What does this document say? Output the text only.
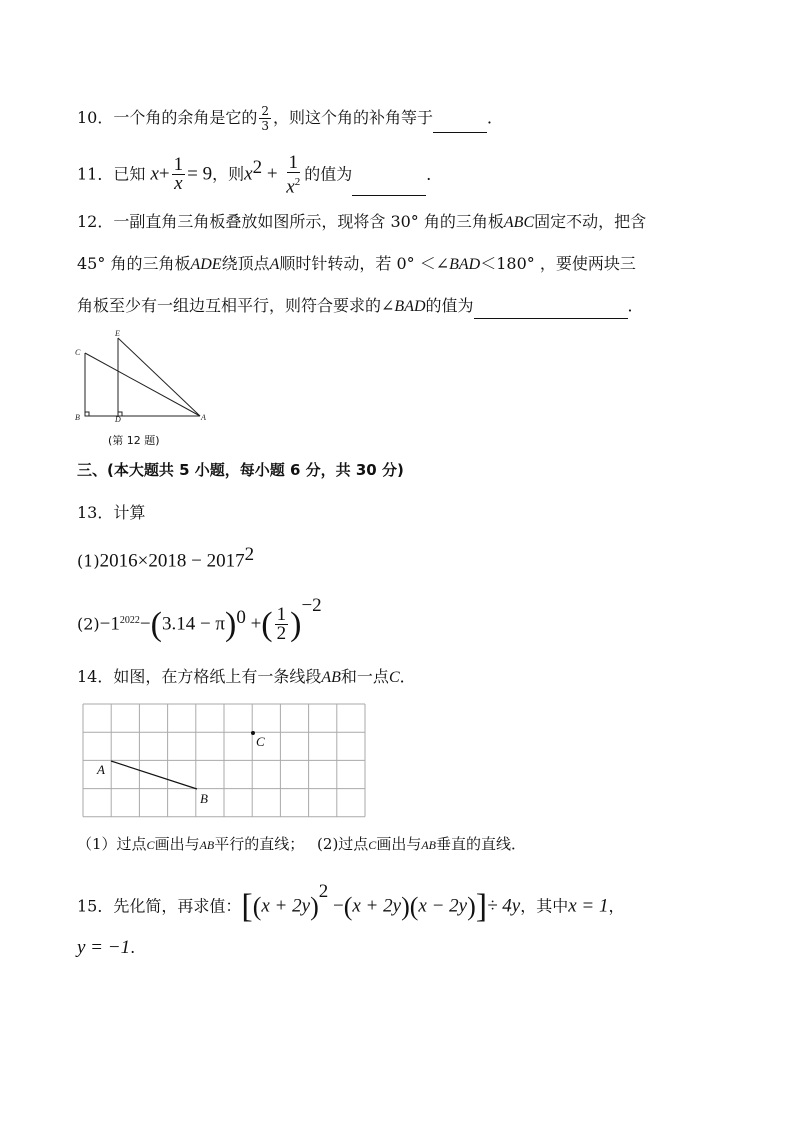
10．一个角的余角是它的 $\frac{2}{3}$ ，则这个角的补角等于	．
11．已知 $x+ \frac{1}{x} = 9$，则$x^2 + \frac{1}{x^2}$ 的值为	．
12．一副直角三角板叠放如图所示，现将含 30° 角的三角板ABC固定不动，把含
45° 角的三角板ADE绕顶点A顺时针转动，若 0° ＜∠BAD＜180° ，要使两块三
角板至少有一组边互相平行，则符合要求的∠BAD的值为	．
C
E
B	D	A
(第 12 题)
三、(本大题共 5 小题，每小题 6 分，共 30 分)
13．计算
$(1)2016\times 2018 - 2017^2$
$(2)-1^{2022}-(3.14 - \pi)^0$ +( $\frac{1}{2} )^{-2}$
14．如图，在方格纸上有一条线段AB和一点C．
A
B
C
（1）过点C画出与AB平行的直线； (2)过点C画出与AB垂直的直线．
15．先化简，再求值：$[(x + 2y)^2 -(x + 2y)(x - 2y)]\div 4y$，其中x = 1，
y = −1.
